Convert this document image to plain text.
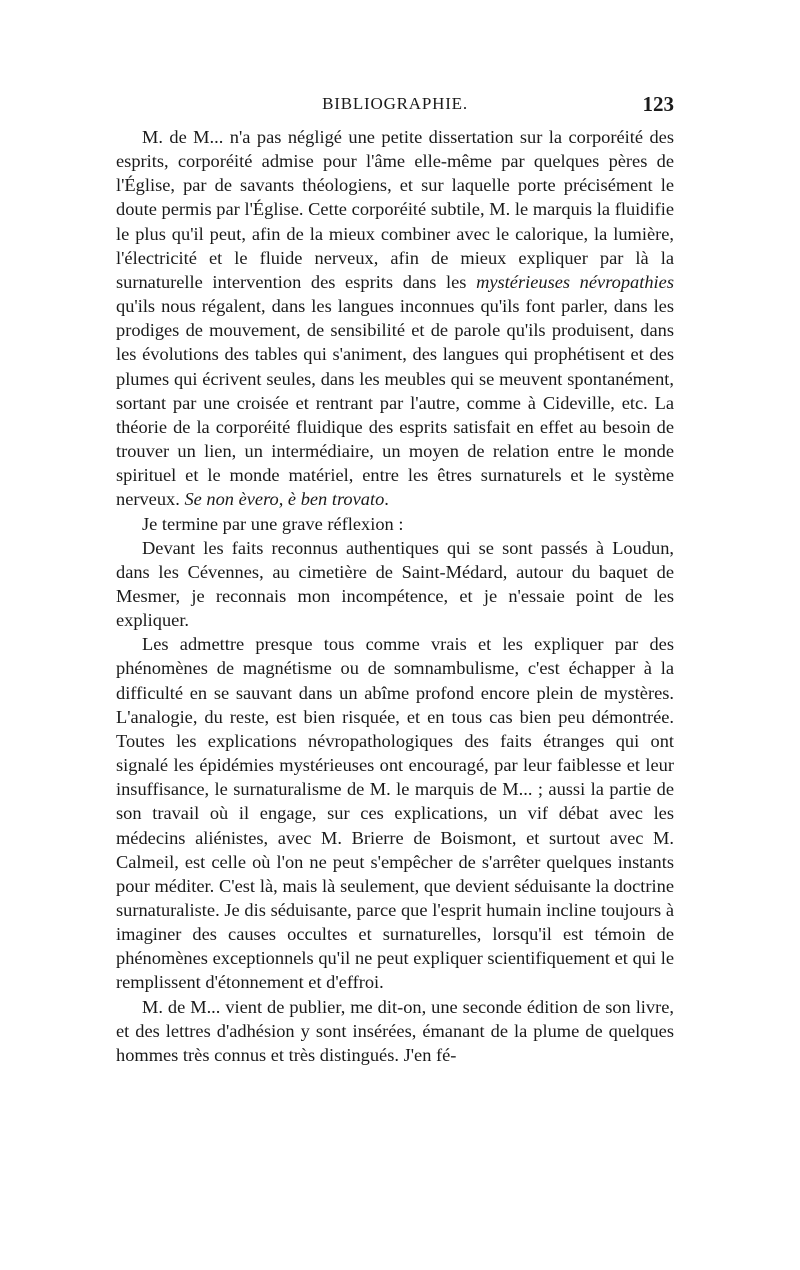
BIBLIOGRAPHIE.	123

M. de M... n'a pas négligé une petite dissertation sur la corporéité des esprits, corporéité admise pour l'âme elle-même par quelques pères de l'Église, par de savants théologiens, et sur laquelle porte précisément le doute permis par l'Église. Cette corporéité subtile, M. le marquis la fluidifie le plus qu'il peut, afin de la mieux combiner avec le calorique, la lumière, l'électricité et le fluide nerveux, afin de mieux expliquer par là la surnaturelle intervention des esprits dans les mystérieuses névropathies qu'ils nous régalent, dans les langues inconnues qu'ils font parler, dans les prodiges de mouvement, de sensibilité et de parole qu'ils produisent, dans les évolutions des tables qui s'animent, des langues qui prophétisent et des plumes qui écrivent seules, dans les meubles qui se meuvent spontanément, sortant par une croisée et rentrant par l'autre, comme à Cideville, etc. La théorie de la corporéité fluidique des esprits satisfait en effet au besoin de trouver un lien, un intermédiaire, un moyen de relation entre le monde spirituel et le monde matériel, entre les êtres surnaturels et le système nerveux. Se non èvero, è ben trovato.

Je termine par une grave réflexion :

Devant les faits reconnus authentiques qui se sont passés à Loudun, dans les Cévennes, au cimetière de Saint-Médard, autour du baquet de Mesmer, je reconnais mon incompétence, et je n'essaie point de les expliquer.

Les admettre presque tous comme vrais et les expliquer par des phénomènes de magnétisme ou de somnambulisme, c'est échapper à la difficulté en se sauvant dans un abîme profond encore plein de mystères. L'analogie, du reste, est bien risquée, et en tous cas bien peu démontrée. Toutes les explications névropathologiques des faits étranges qui ont signalé les épidémies mystérieuses ont encouragé, par leur faiblesse et leur insuffisance, le surnaturalisme de M. le marquis de M... ; aussi la partie de son travail où il engage, sur ces explications, un vif débat avec les médecins aliénistes, avec M. Brierre de Boismont, et surtout avec M. Calmeil, est celle où l'on ne peut s'empêcher de s'arrêter quelques instants pour méditer. C'est là, mais là seulement, que devient séduisante la doctrine surnaturaliste. Je dis séduisante, parce que l'esprit humain incline toujours à imaginer des causes occultes et surnaturelles, lorsqu'il est témoin de phénomènes exceptionnels qu'il ne peut expliquer scientifiquement et qui le remplissent d'étonnement et d'effroi.

M. de M... vient de publier, me dit-on, une seconde édition de son livre, et des lettres d'adhésion y sont insérées, émanant de la plume de quelques hommes très connus et très distingués. J'en fé-
